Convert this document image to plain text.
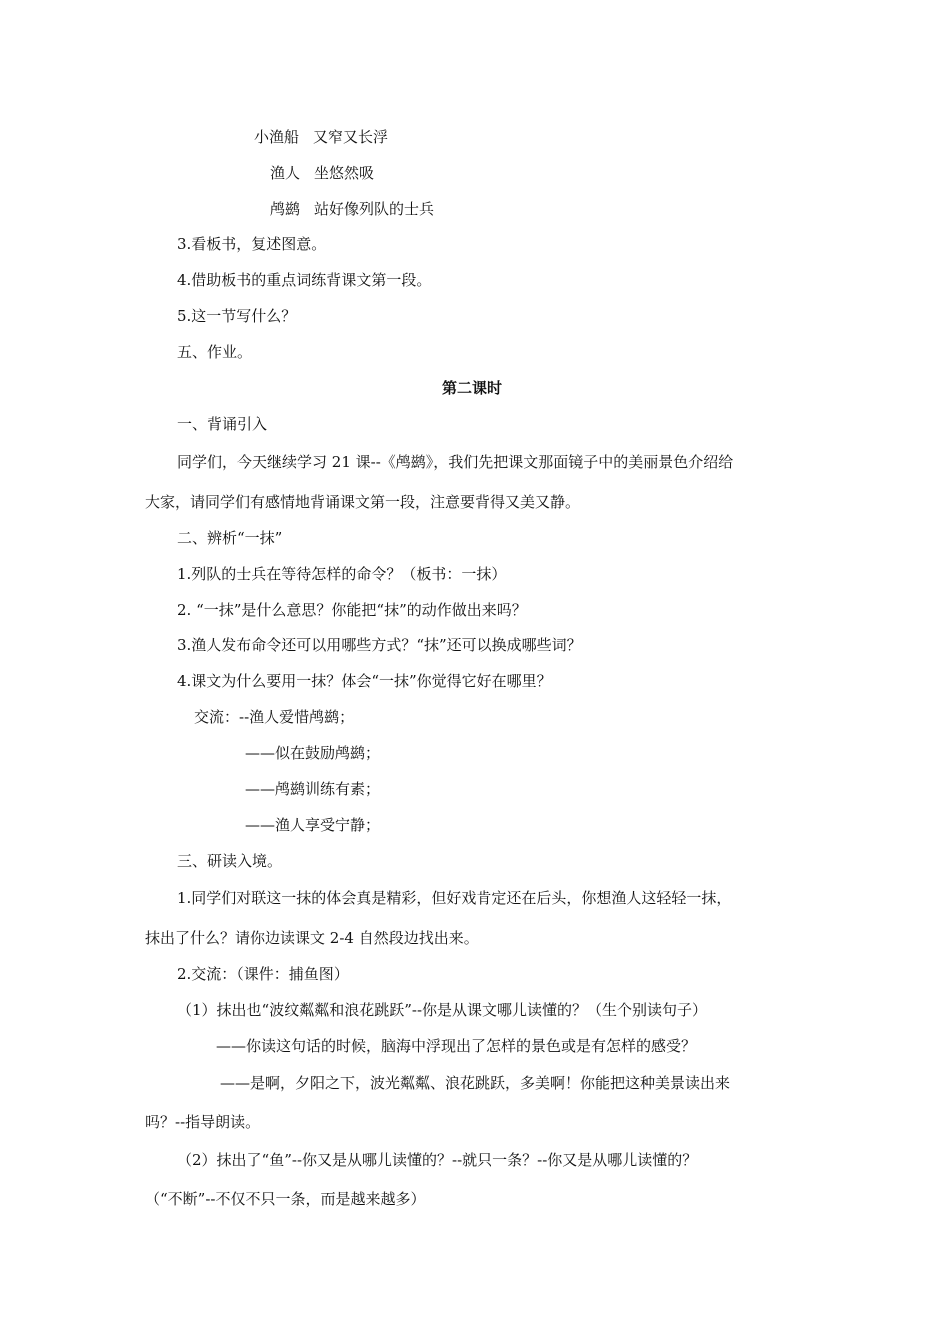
小渔船 又窄又长浮
渔人 坐悠然吸
鸬鹚 站好像列队的士兵
3.看板书，复述图意。
4.借助板书的重点词练背课文第一段。
5.这一节写什么？
五、作业。
第二课时
一、背诵引入
同学们，今天继续学习 21 课--《鸬鹚》，我们先把课文那面镜子中的美丽景色介绍给
大家，请同学们有感情地背诵课文第一段，注意要背得又美又静。
二、辨析“一抹”
1.列队的士兵在等待怎样的命令？（板书：一抹）
2. “一抹”是什么意思？你能把“抹”的动作做出来吗？
3.渔人发布命令还可以用哪些方式？“抹”还可以换成哪些词？
4.课文为什么要用一抹？体会“一抹”你觉得它好在哪里？
交流：--渔人爱惜鸬鹚；
——似在鼓励鸬鹚；
——鸬鹚训练有素；
——渔人享受宁静；
三、研读入境。
1.同学们对联这一抹的体会真是精彩，但好戏肯定还在后头，你想渔人这轻轻一抹，
抹出了什么？请你边读课文 2-4 自然段边找出来。
2.交流：（课件：捕鱼图）
（1）抹出也“波纹粼粼和浪花跳跃”--你是从课文哪儿读懂的？（生个别读句子）
——你读这句话的时候，脑海中浮现出了怎样的景色或是有怎样的感受？
——是啊，夕阳之下，波光粼粼、浪花跳跃，多美啊！你能把这种美景读出来
吗？--指导朗读。
（2）抹出了“鱼”--你又是从哪儿读懂的？--就只一条？--你又是从哪儿读懂的？
（“不断”--不仅不只一条，而是越来越多）
